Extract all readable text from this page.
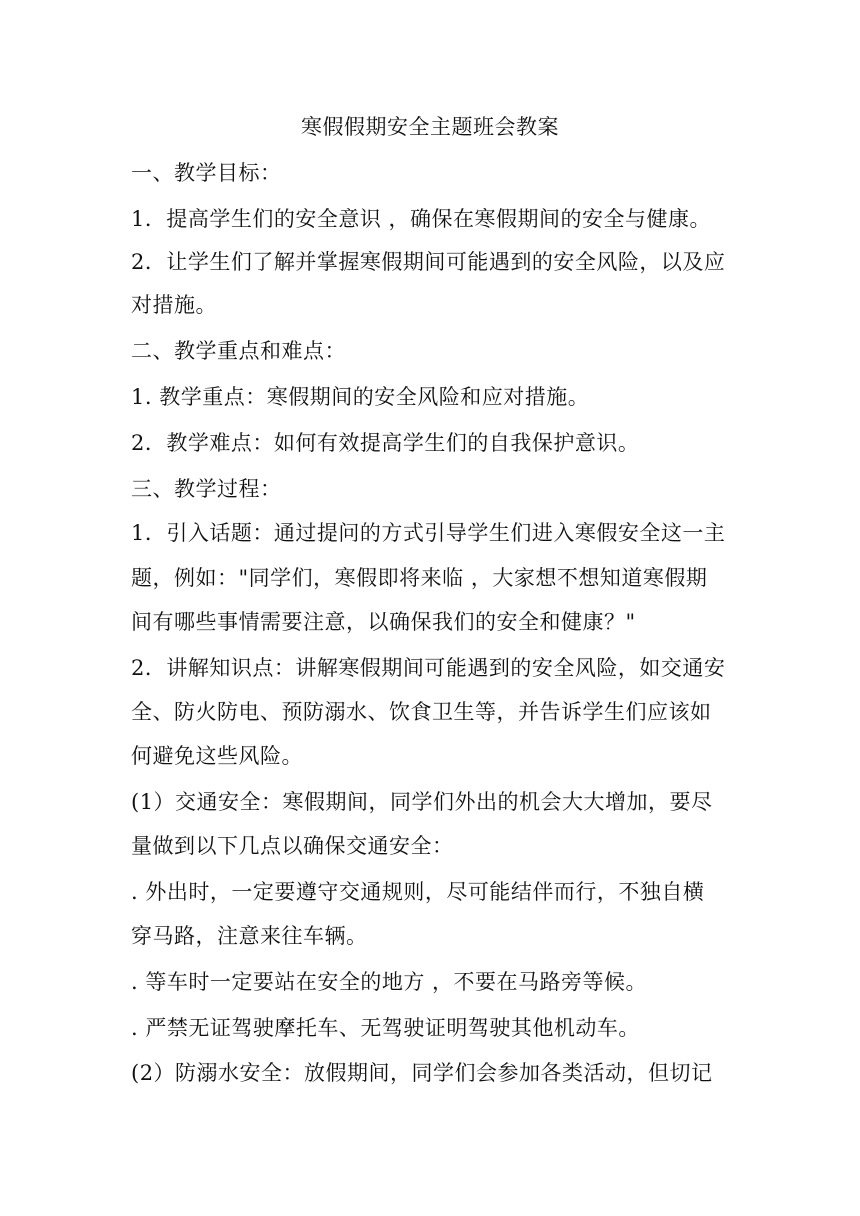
寒假假期安全主题班会教案
一、教学目标：
1．提高学生们的安全意识 ，确保在寒假期间的安全与健康。
2．让学生们了解并掌握寒假期间可能遇到的安全风险，以及应
对措施。
二、教学重点和难点：
1. 教学重点：寒假期间的安全风险和应对措施。
2．教学难点：如何有效提高学生们的自我保护意识。
三、教学过程：
1．引入话题：通过提问的方式引导学生们进入寒假安全这一主
题，例如："同学们，寒假即将来临 ，大家想不想知道寒假期
间有哪些事情需要注意，以确保我们的安全和健康？"
2．讲解知识点：讲解寒假期间可能遇到的安全风险，如交通安
全、防火防电、预防溺水、饮食卫生等，并告诉学生们应该如
何避免这些风险。
(1）交通安全：寒假期间，同学们外出的机会大大增加，要尽
量做到以下几点以确保交通安全：
. 外出时，一定要遵守交通规则，尽可能结伴而行，不独自横
穿马路，注意来往车辆。
. 等车时一定要站在安全的地方 ，不要在马路旁等候。
. 严禁无证驾驶摩托车、无驾驶证明驾驶其他机动车。
(2）防溺水安全：放假期间，同学们会参加各类活动，但切记
